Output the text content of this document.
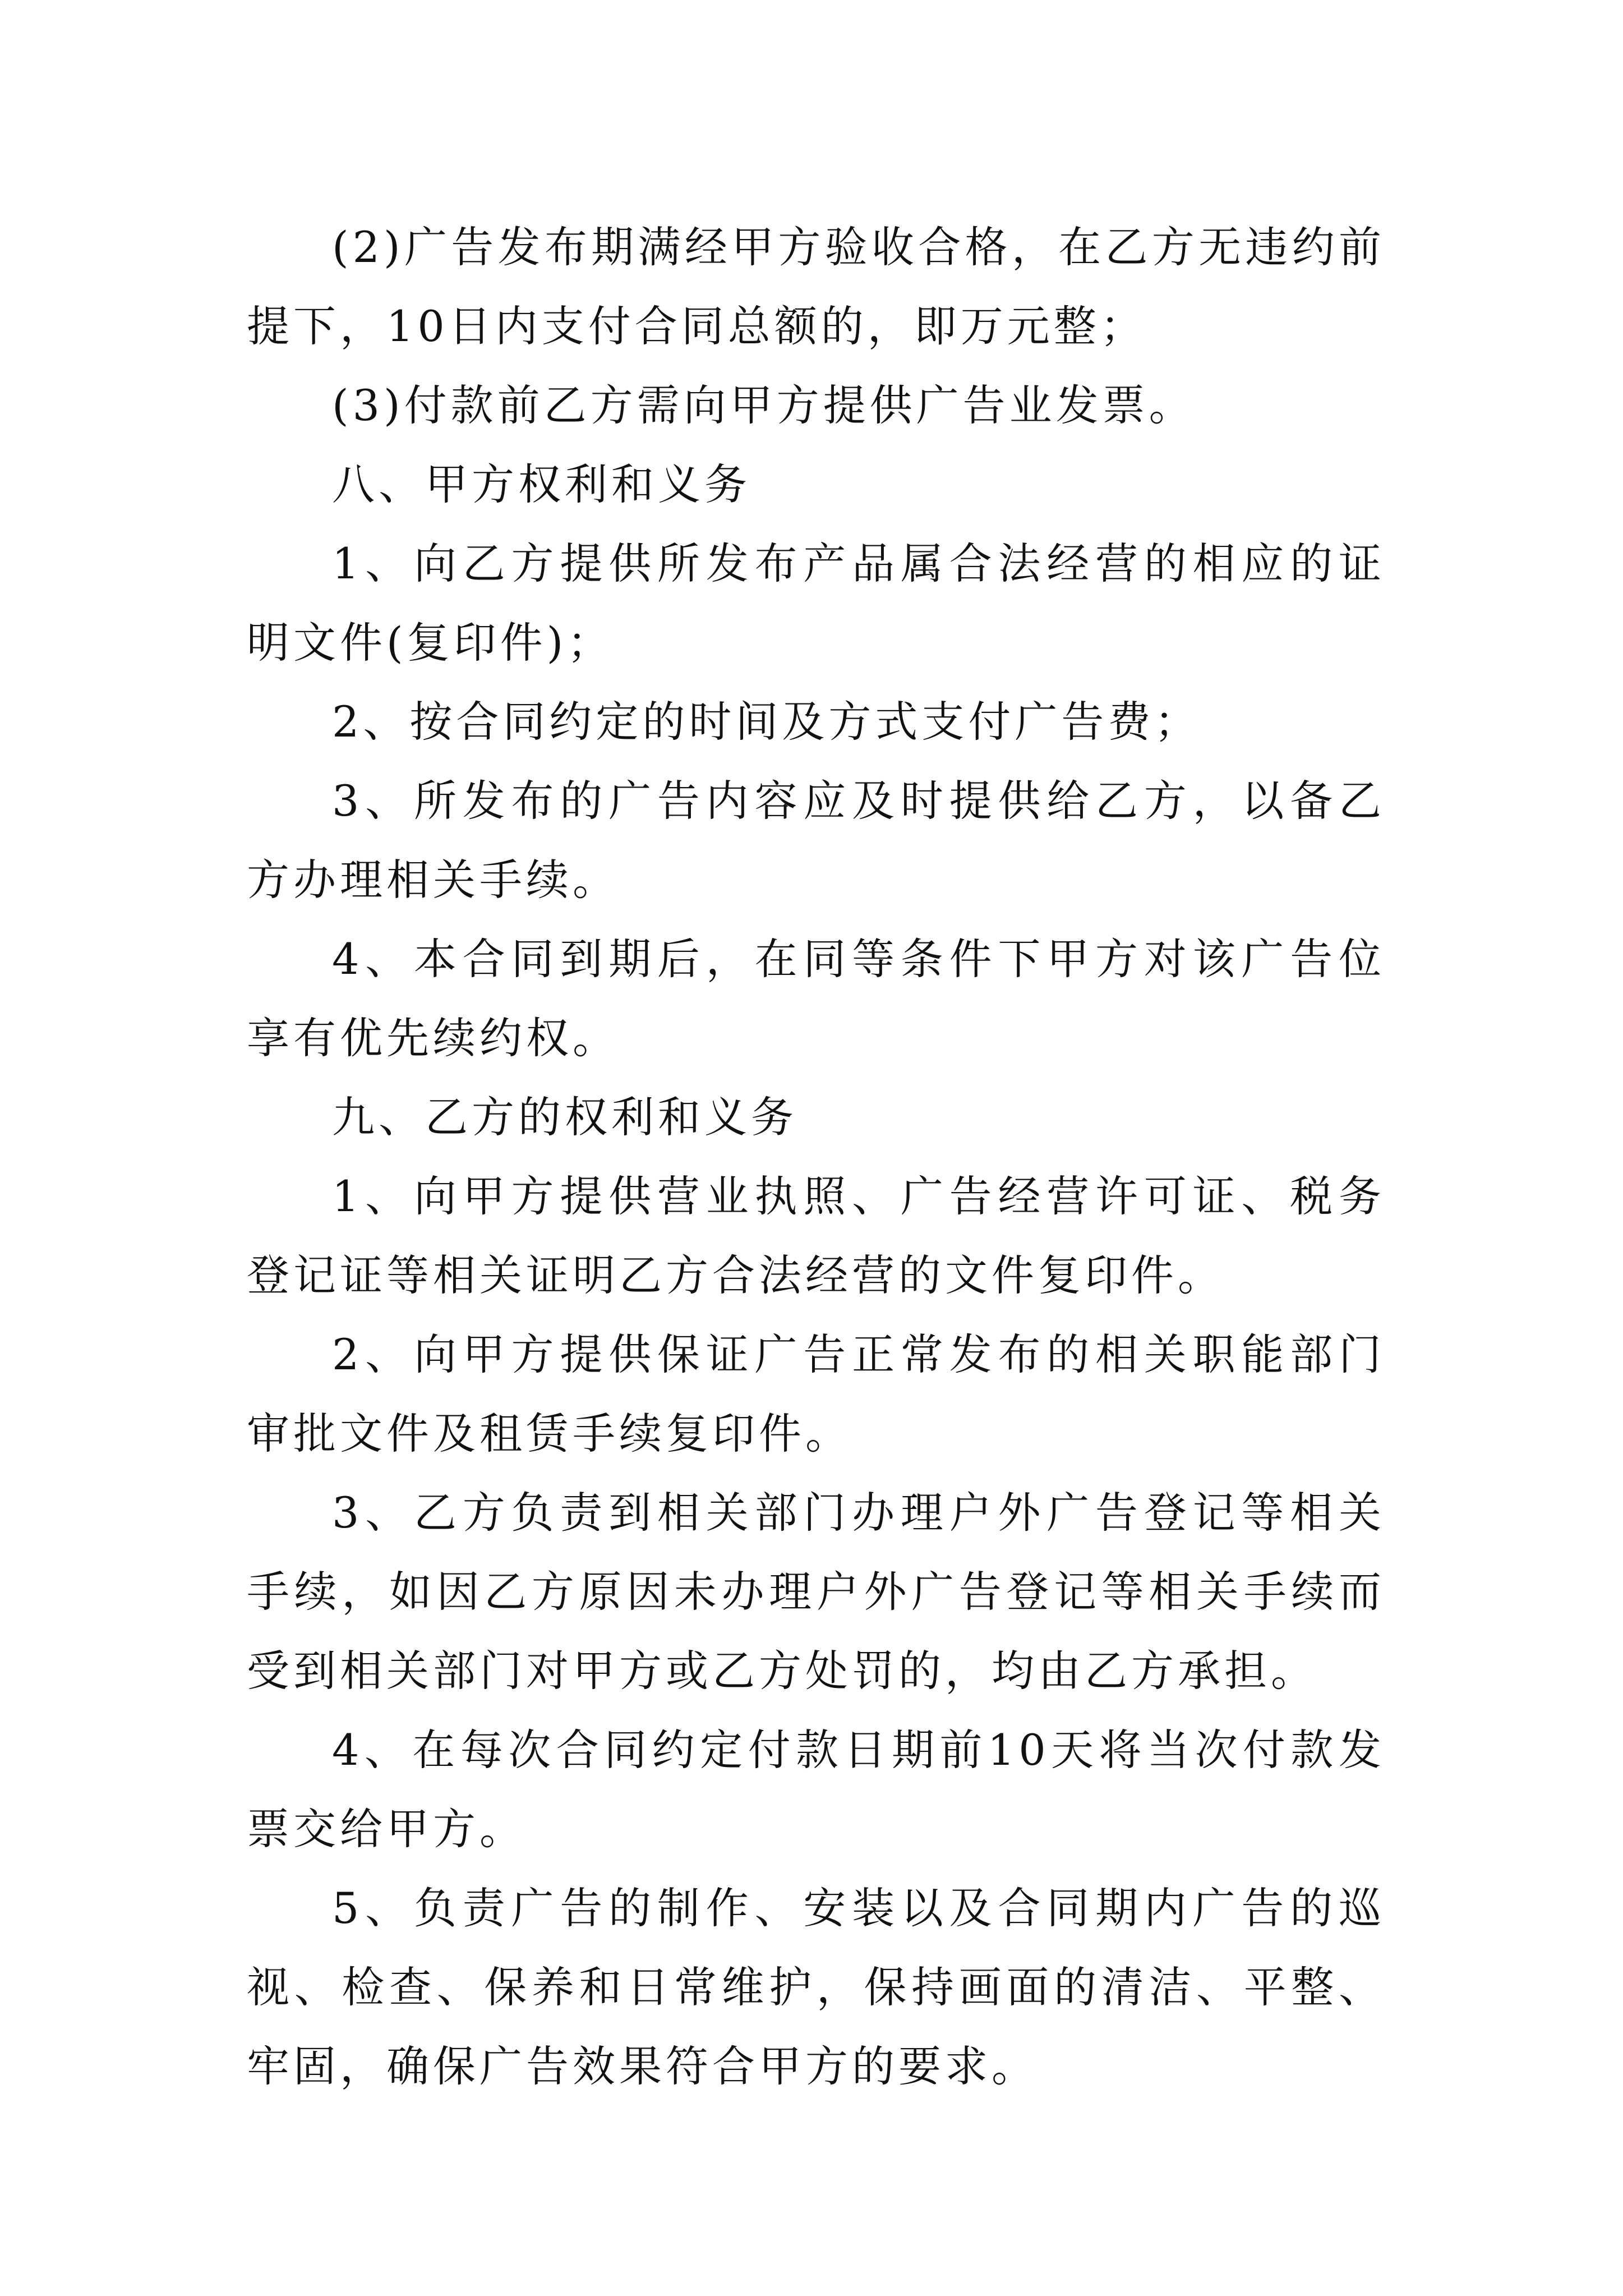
(2)广告发布期满经甲方验收合格，在乙方无违约前提下，10日内支付合同总额的，即万元整；

(3)付款前乙方需向甲方提供广告业发票。

八、甲方权利和义务

1、向乙方提供所发布产品属合法经营的相应的证明文件(复印件)；

2、按合同约定的时间及方式支付广告费；

3、所发布的广告内容应及时提供给乙方，以备乙方办理相关手续。

4、本合同到期后，在同等条件下甲方对该广告位享有优先续约权。

九、乙方的权利和义务

1、向甲方提供营业执照、广告经营许可证、税务登记证等相关证明乙方合法经营的文件复印件。

2、向甲方提供保证广告正常发布的相关职能部门审批文件及租赁手续复印件。

3、乙方负责到相关部门办理户外广告登记等相关手续，如因乙方原因未办理户外广告登记等相关手续而受到相关部门对甲方或乙方处罚的，均由乙方承担。

4、在每次合同约定付款日期前10天将当次付款发票交给甲方。

5、负责广告的制作、安装以及合同期内广告的巡视、检查、保养和日常维护，保持画面的清洁、平整、牢固，确保广告效果符合甲方的要求。
